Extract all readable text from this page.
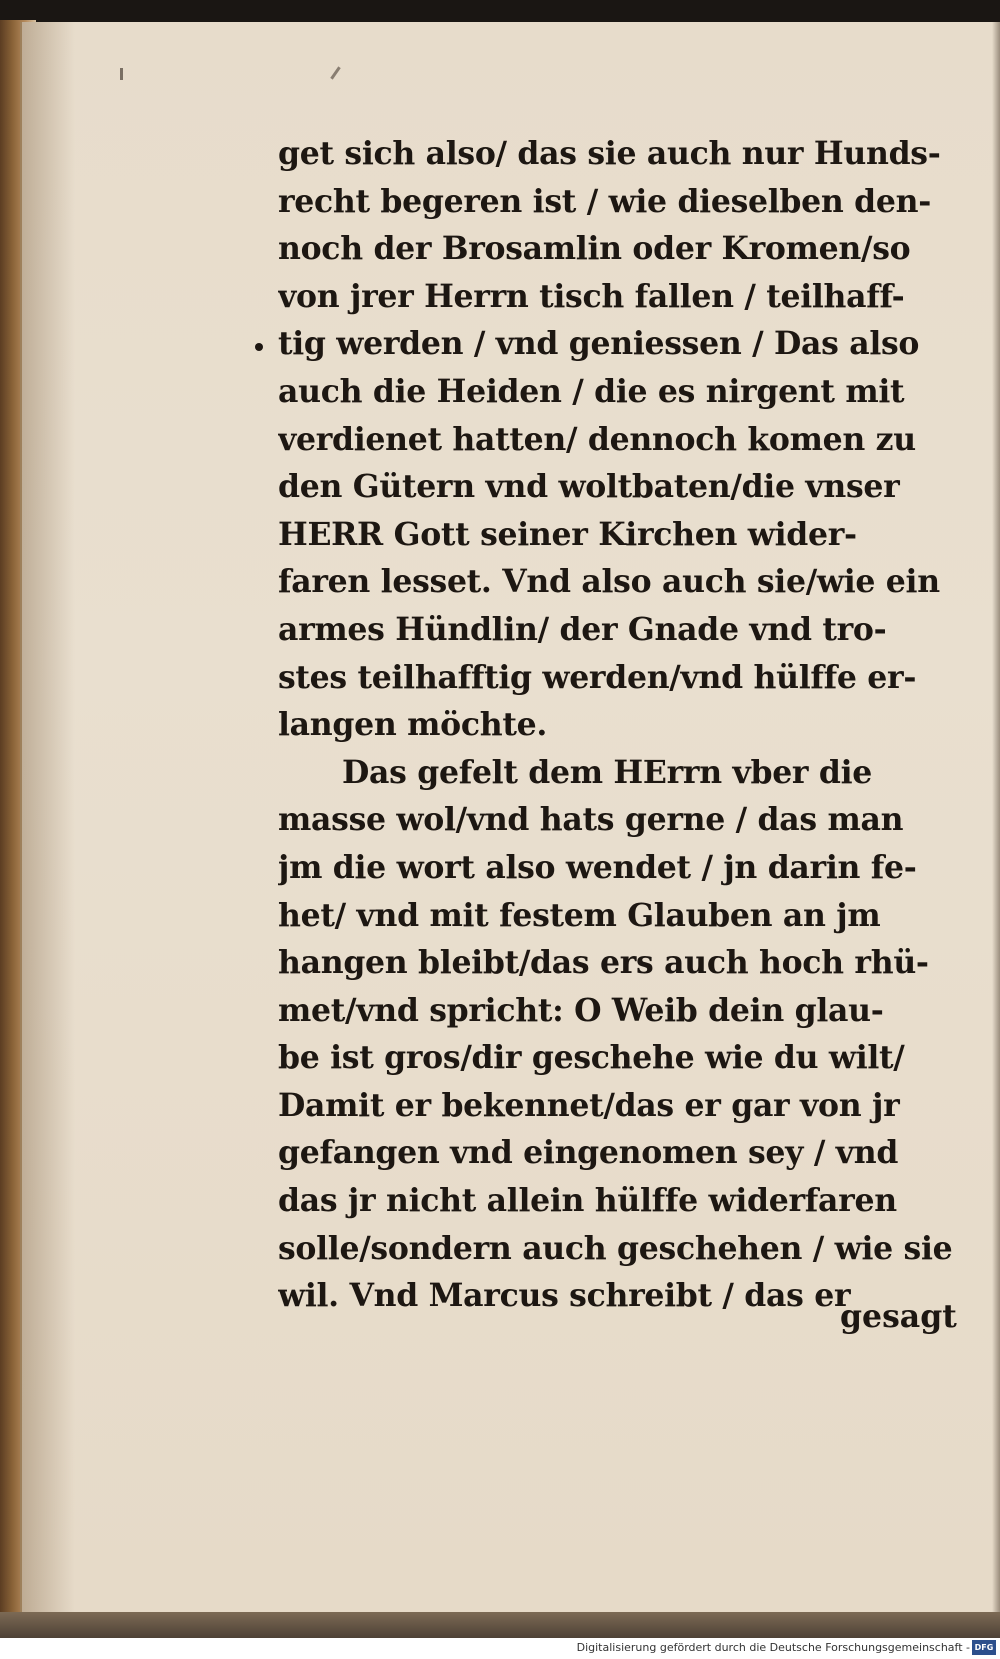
get sich also/ das sie auch nur Hunds-
recht begeren ist / wie dieselben den-
noch der Brosamlin oder Kromen/so
von jrer Herrn tisch fallen / teilhaff-
tig werden / vnd geniessen / Das also
auch die Heiden / die es nirgent mit
verdienet hatten/ dennoch komen zu
den Gütern vnd woltbaten/die vnser
HERR Gott seiner Kirchen wider-
faren lesset. Vnd also auch sie/wie ein
armes Hündlin/ der Gnade vnd tro-
stes teilhafftig werden/vnd hülffe er-
langen möchte.
Das gefelt dem HErrn vber die
masse wol/vnd hats gerne / das man
jm die wort also wendet / jn darin fe-
het/ vnd mit festem Glauben an jm
hangen bleibt/das ers auch hoch rhü-
met/vnd spricht: O Weib dein glau-
be ist gros/dir geschehe wie du wilt/
Damit er bekennet/das er gar von jr
gefangen vnd eingenomen sey / vnd
das jr nicht allein hülffe widerfaren
solle/sondern auch geschehen / wie sie
wil. Vnd Marcus schreibt / das er
gesagt
Digitalisierung gefördert durch die Deutsche Forschungsgemeinschaft - DFG
